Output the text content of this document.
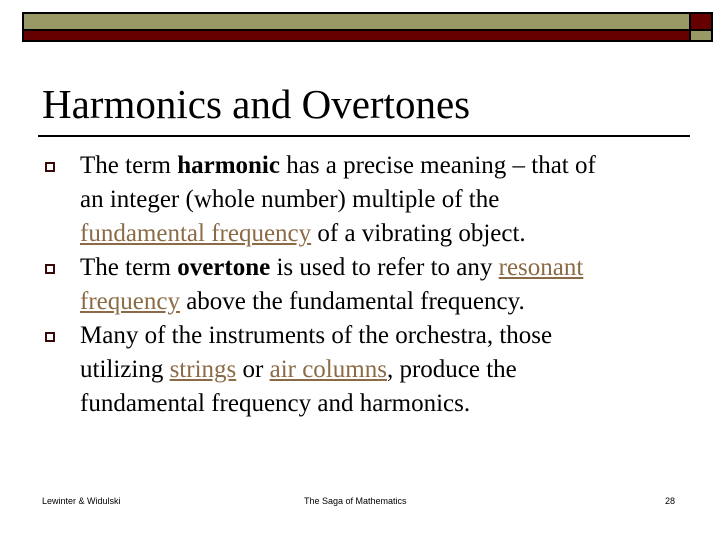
Harmonics and Overtones
The term harmonic has a precise meaning – that of
an integer (whole number) multiple of the
fundamental frequency of a vibrating object.
The term overtone is used to refer to any resonant
frequency above the fundamental frequency.
Many of the instruments of the orchestra, those
utilizing strings or air columns, produce the
fundamental frequency and harmonics.
Lewinter & Widulski	The Saga of Mathematics	28
